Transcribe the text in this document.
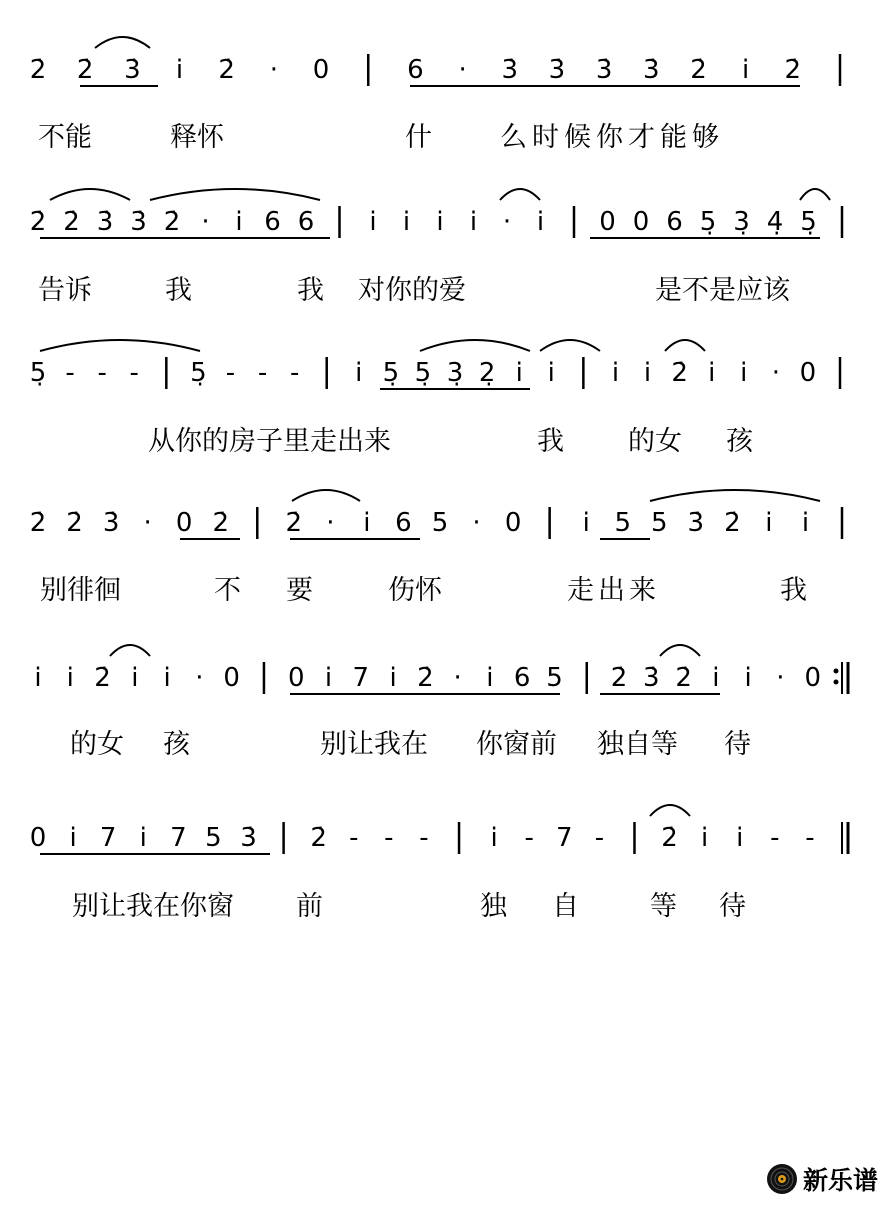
2̇ 2̇ 3̇ i 2̇ · 0	6 · 3̇ 3̇ 3̇ 3̇ 2̇ i 2̇
2̇ 2̇ 3̇ 3̇ 2̇ · i 6 6 i i i i · i 0 0 6 5̣ 3̣ 4̣ 5̣
5̣ - - - 5̣ - - - i 5̣ 5̣ 3̣ 2̣ i i i i 2̇ i i · 0
2̇ 2̇ 3̇ · 0 2̇ 2̇ · i 6 5 · 0 i 5 5 3̇ 2̇ i i
i i 2̇ i i · 0 0 i 7 i 2̇ · i 6 5 2̇ 3̇ 2̇ i i · 0
0 i 7 i 7 5 3̇ 2̇ - - - i - 7 - 2̇ i i - -
不能	释怀	什	么时候你才能够
告诉	我	我 对你的爱	是不是应该
从你的房子里走出来	我 的女 孩
别徘徊	不 要	伤怀	走出来	我
的女 孩	别让我在 你窗前 独自等 待
别让我在你窗 前	独 自	等 待
新乐谱
